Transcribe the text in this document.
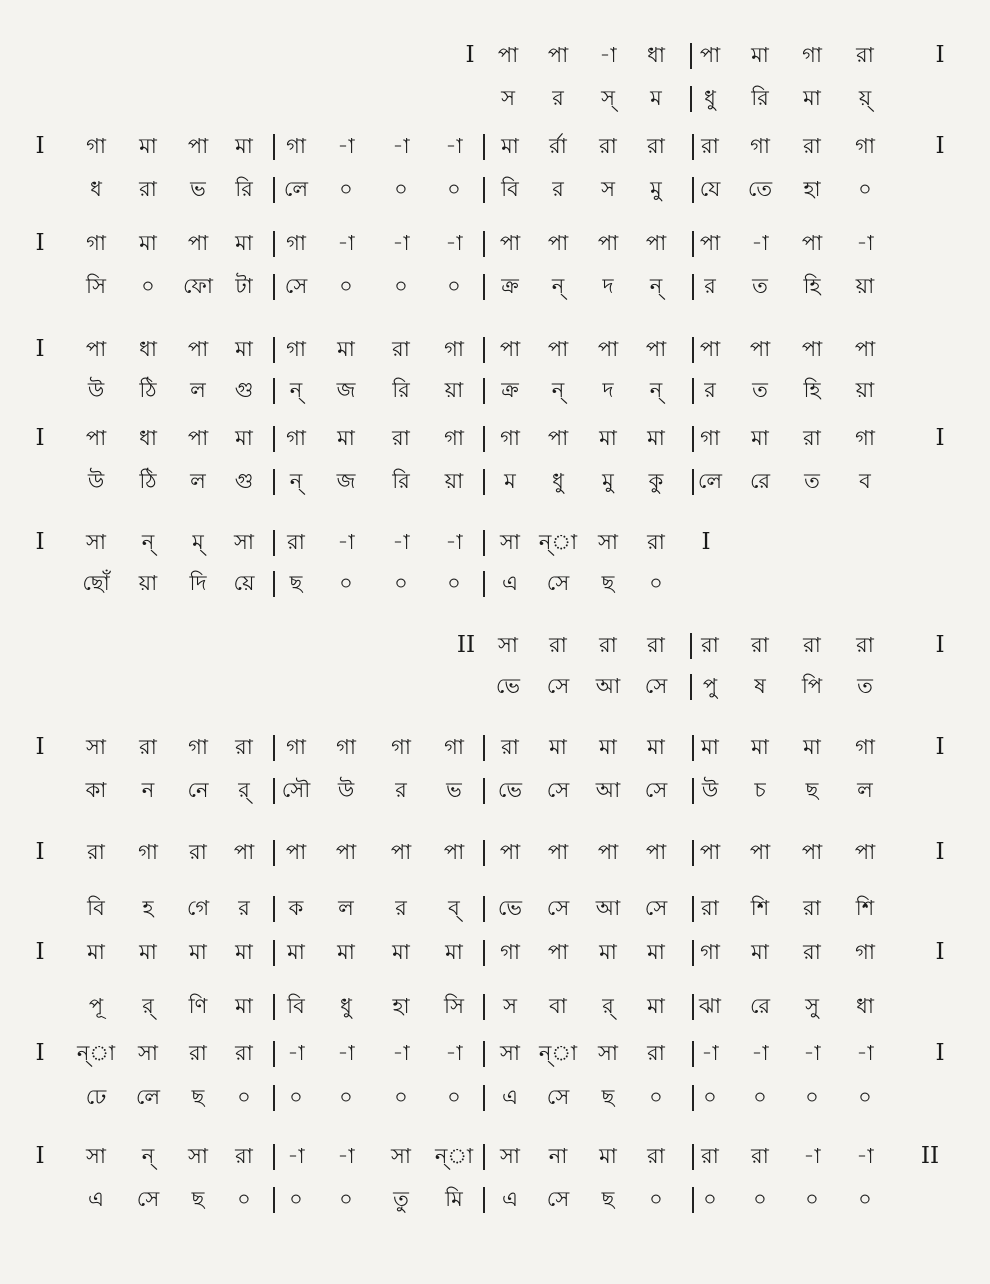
I পা পা -া ধা পা মা গা রা	I
স র স্ ম ধু রি মা য়্
I গা মা পা মা গা -া -া -া মা র্রা রা রা রা গা রা গা	I
ধ রা ভ রি লে ০ ০ ০ বি র স মু যে তে হা ০
I গা মা পা মা গা -া -া -া পা পা পা পা পা -া পা -া
সি ০ ফো টা সে ০ ০ ০ ক্র ন্ দ ন্ র ত হি য়া
I পা ধা পা মা গা মা রা গা পা পা পা পা পা পা পা পা
উ ঠি ল গু ন্ জ রি য়া ক্র ন্ দ ন্ র ত হি য়া
I পা ধা পা মা গা মা রা গা গা পা মা মা গা মা রা গা	I
উ ঠি ল গু ন্ জ রি য়া ম ধু মু কু লে রে ত ব
I সা ন্ ম্ সা রা -া -া -া সা ন্া সা রা I
ছোঁ য়া দি য়ে ছ ০ ০ ০ এ সে ছ ০
II সা রা রা রা রা রা রা রা	I
ভে সে আ সে পু ষ পি ত
I সা রা গা রা গা গা গা গা রা মা মা মা মা মা মা গা	I
কা ন নে র্ সৌ উ র ভ ভে সে আ সে উ চ ছ ল
I রা গা রা পা পা পা পা পা পা পা পা পা পা পা পা পা	I
বি হ গে র ক ল র ব্ ভে সে আ সে রা শি রা শি
I মা মা মা মা মা মা মা মা গা পা মা মা গা মা রা গা	I
পূ র্ ণি মা বি ধু হা সি স বা র্ মা ঝা রে সু ধা
I ন্া সা রা রা -া -া -া -া সা ন্া সা রা -া -া -া -া	I
ঢে লে ছ ০ ০ ০ ০ ০ এ সে ছ ০ ০ ০ ০ ০
I সা ন্ সা রা -া -া সা ন্া সা না মা রা রা রা -া -া II
এ সে ছ ০ ০ ০ তু মি এ সে ছ ০ ০ ০ ০ ০
